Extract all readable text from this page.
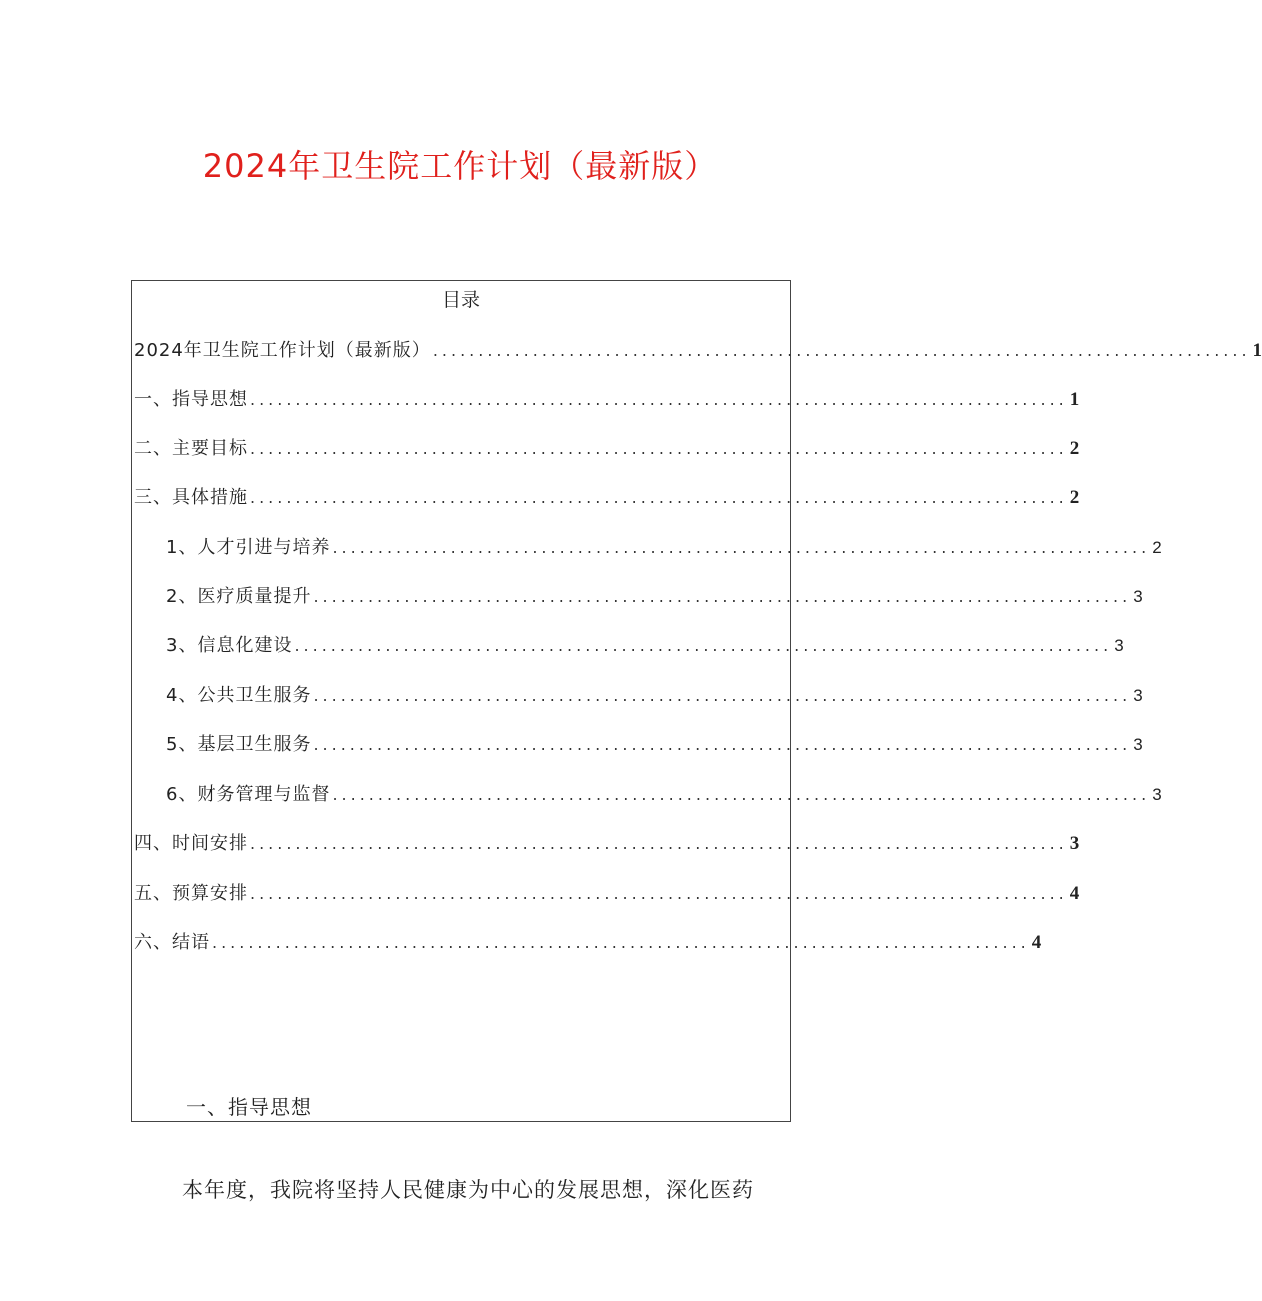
2024年卫生院工作计划（最新版）
目录
2024年卫生院工作计划（最新版） .......................................................................................... 1
一、指导思想 .......................................................................................... 1
二、主要目标 .......................................................................................... 2
三、具体措施 .......................................................................................... 2
1、人才引进与培养 .......................................................................................... 2
2、医疗质量提升 .......................................................................................... 3
3、信息化建设 .......................................................................................... 3
4、公共卫生服务 .......................................................................................... 3
5、基层卫生服务 .......................................................................................... 3
6、财务管理与监督 .......................................................................................... 3
四、时间安排 .......................................................................................... 3
五、预算安排 .......................................................................................... 4
六、结语 .......................................................................................... 4
一、指导思想

本年度，我院将坚持人民健康为中心的发展思想，深化医药
